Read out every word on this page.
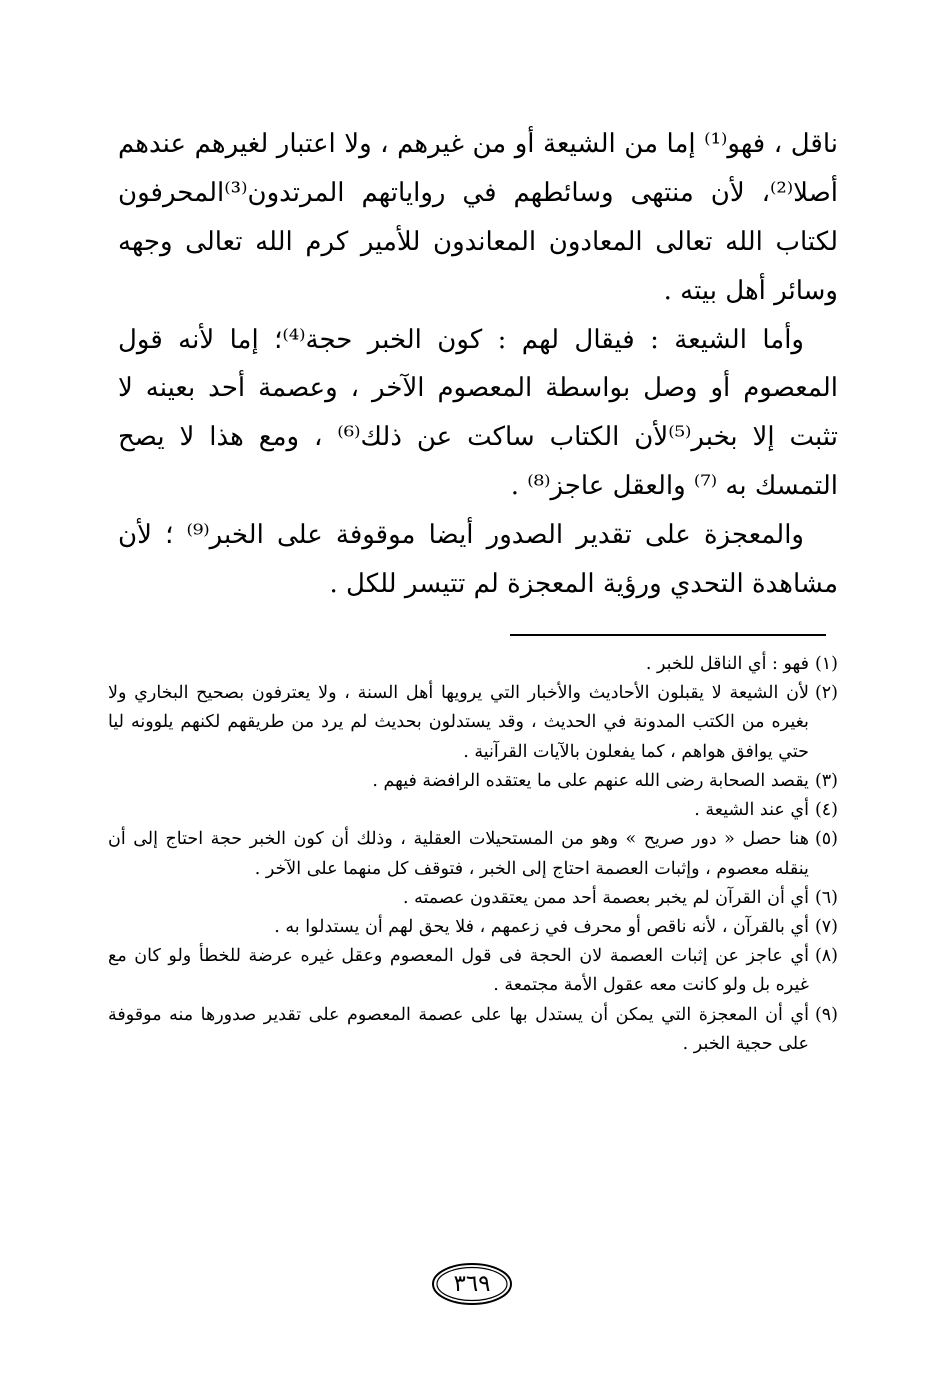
ناقل ، فهو⁽¹⁾ إما من الشيعة أو من غيرهم ، ولا اعتبار لغيرهم عندهم أصلا⁽²⁾، لأن منتهى وسائطهم في رواياتهم المرتدون⁽³⁾المحرفون لكتاب الله تعالى المعادون المعاندون للأمير كرم الله تعالى وجهه وسائر أهل بيته .

وأما الشيعة : فيقال لهم : كون الخبر حجة⁽⁴⁾؛ إما لأنه قول المعصوم أو وصل بواسطة المعصوم الآخر ، وعصمة أحد بعينه لا تثبت إلا بخبر⁽⁵⁾لأن الكتاب ساكت عن ذلك⁽⁶⁾ ، ومع هذا لا يصح التمسك به ⁽⁷⁾ والعقل عاجز⁽⁸⁾ .

والمعجزة على تقدير الصدور أيضا موقوفة على الخبر⁽⁹⁾ ؛ لأن مشاهدة التحدي ورؤية المعجزة لم تتيسر للكل .

(١)
فهو : أي الناقل للخبر .
(٢)
لأن الشيعة لا يقبلون الأحاديث والأخبار التي يرويها أهل السنة ، ولا يعترفون بصحيح البخاري ولا بغيره من الكتب المدونة في الحديث ، وقد يستدلون بحديث لم يرد من طريقهم لكنهم يلوونه ليا حتي يوافق هواهم ، كما يفعلون بالآيات القرآنية .
(٣)
يقصد الصحابة رضى الله عنهم على ما يعتقده الرافضة فيهم .
(٤)
أي عند الشيعة .
(٥)
هنا حصل « دور صريح » وهو من المستحيلات العقلية ، وذلك أن كون الخبر حجة احتاج إلى أن ينقله معصوم ، وإثبات العصمة احتاج إلى الخبر ، فتوقف كل منهما على الآخر .
(٦)
أي أن القرآن لم يخبر بعصمة أحد ممن يعتقدون عصمته .
(٧)
أي بالقرآن ، لأنه ناقص أو محرف في زعمهم ، فلا يحق لهم أن يستدلوا به .
(٨)
أي عاجز عن إثبات العصمة لان الحجة فى قول المعصوم وعقل غيره عرضة للخطأ ولو كان مع غيره بل ولو كانت معه عقول الأمة مجتمعة .
(٩)
أي أن المعجزة التي يمكن أن يستدل بها على عصمة المعصوم على تقدير صدورها منه موقوفة على حجية الخبر .
٣٦٩
